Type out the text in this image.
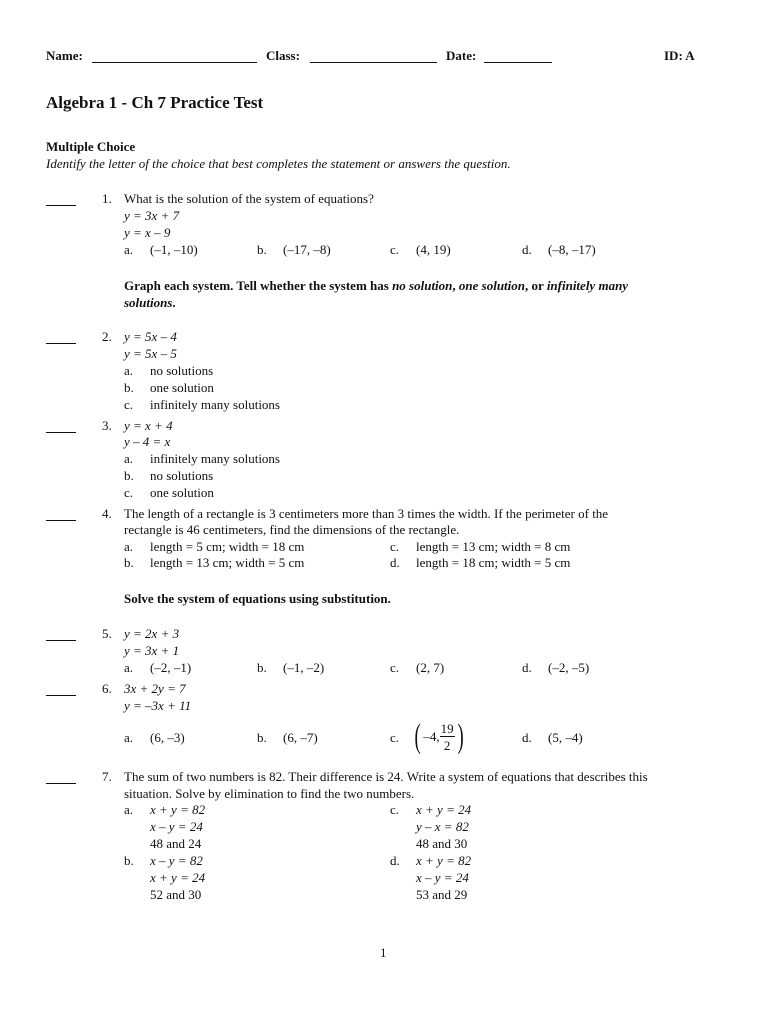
Name:	Class:	Date:	ID: A
Algebra 1 - Ch 7 Practice Test
Multiple Choice
Identify the letter of the choice that best completes the statement or answers the question.
1. What is the solution of the system of equations?
y = 3x + 7
y = x – 9
a. (–1, –10)	b. (–17, –8)	c. (4, 19)	d. (–8, –17)
Graph each system. Tell whether the system has no solution, one solution, or infinitely many
solutions.
2. y = 5x – 4
y = 5x – 5
a. no solutions
b. one solution
c. infinitely many solutions
3. y = x + 4
y – 4 = x
a. infinitely many solutions
b. no solutions
c. one solution
4. The length of a rectangle is 3 centimeters more than 3 times the width. If the perimeter of the
rectangle is 46 centimeters, find the dimensions of the rectangle.
a. length = 5 cm; width = 18 cm
b. length = 13 cm; width = 5 cm
c. length = 13 cm; width = 8 cm
d. length = 18 cm; width = 5 cm
Solve the system of equations using substitution.
5. y = 2x + 3
y = 3x + 1
a. (–2, –1)	b. (–1, –2)	c. (2, 7)	d. (–2, –5)
6. 3x + 2y = 7
y = –3x + 11
a. (6, –3)	b. (6, –7)	c. ( –4, $\frac{19}{2}$ )	d. (5, –4)
7. The sum of two numbers is 82. Their difference is 24. Write a system of equations that describes this
situation. Solve by elimination to find the two numbers.
a. x + y = 82
x – y = 24
48 and 24
b. x – y = 82
x + y = 24
52 and 30
c. x + y = 24
y – x = 82
48 and 30
d. x + y = 82
x – y = 24
53 and 29
1
